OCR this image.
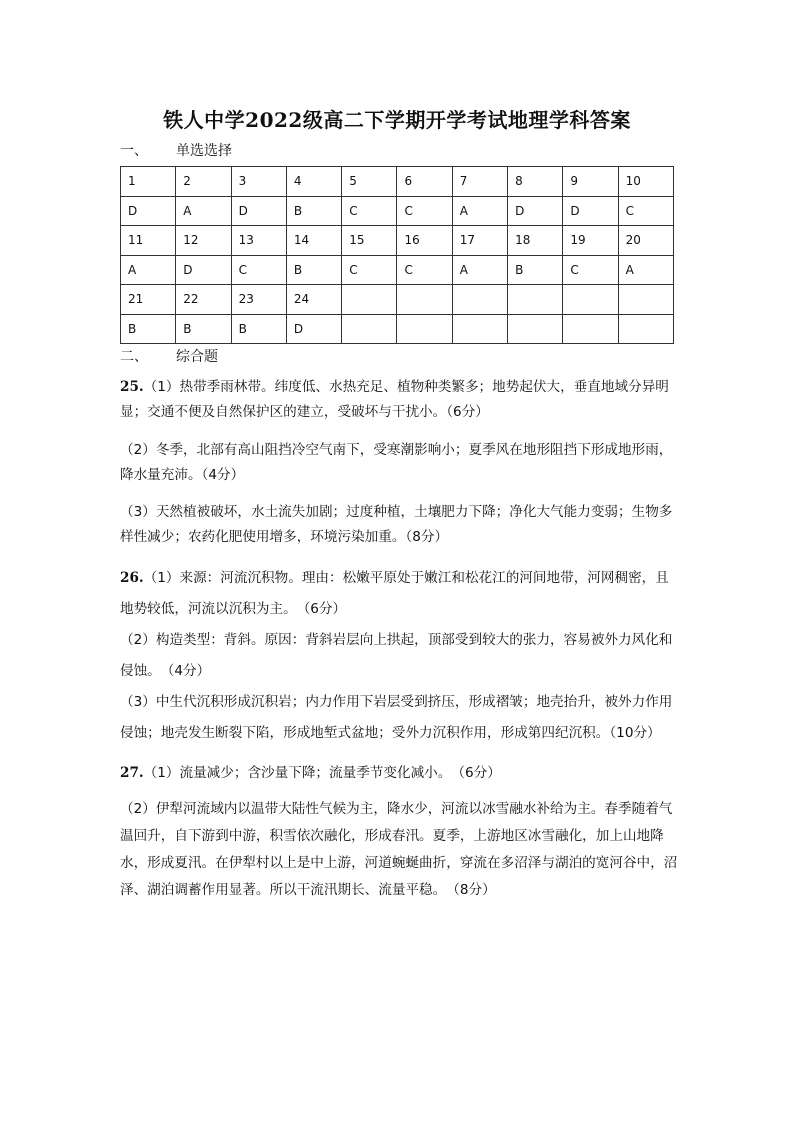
铁人中学2022级高二下学期开学考试地理学科答案
一、 单选选择
1	2	3	4	5	6	7	8	9	10
D	A	D	B	C	C	A	D	D	C
11	12	13	14	15	16	17	18	19	20
A	D	C	B	C	C	A	B	C	A
21	22	23	24						
B	B	B	D						
二、 综合题
25.（1）热带季雨林带。纬度低、水热充足、植物种类繁多；地势起伏大，垂直地域分异明显；交通不便及自然保护区的建立，受破坏与干扰小。（6分）
（2）冬季，北部有高山阻挡冷空气南下，受寒潮影响小；夏季风在地形阻挡下形成地形雨，降水量充沛。（4分）
（3）天然植被破坏，水土流失加剧；过度种植，土壤肥力下降；净化大气能力变弱；生物多样性减少；农药化肥使用增多，环境污染加重。（8分）
26.（1）来源：河流沉积物。理由：松嫩平原处于嫩江和松花江的河间地带，河网稠密，且地势较低，河流以沉积为主。　（6分）
（2）构造类型：背斜。原因：背斜岩层向上拱起，顶部受到较大的张力，容易被外力风化和侵蚀。　（4分）
（3）中生代沉积形成沉积岩；内力作用下岩层受到挤压，形成褶皱；地壳抬升，被外力作用侵蚀；地壳发生断裂下陷，形成地堑式盆地；受外力沉积作用，形成第四纪沉积。（10分）
27.（1）流量减少；含沙量下降；流量季节变化减小。　（6分）
（2）伊犁河流域内以温带大陆性气候为主，降水少，河流以冰雪融水补给为主。春季随着气温回升，自下游到中游，积雪依次融化，形成春汛。夏季，上游地区冰雪融化，加上山地降水，形成夏汛。在伊犁村以上是中上游，河道蜿蜒曲折，穿流在多沼泽与湖泊的宽河谷中，沼泽、湖泊调蓄作用显著。所以干流汛期长、流量平稳。　（8分）
